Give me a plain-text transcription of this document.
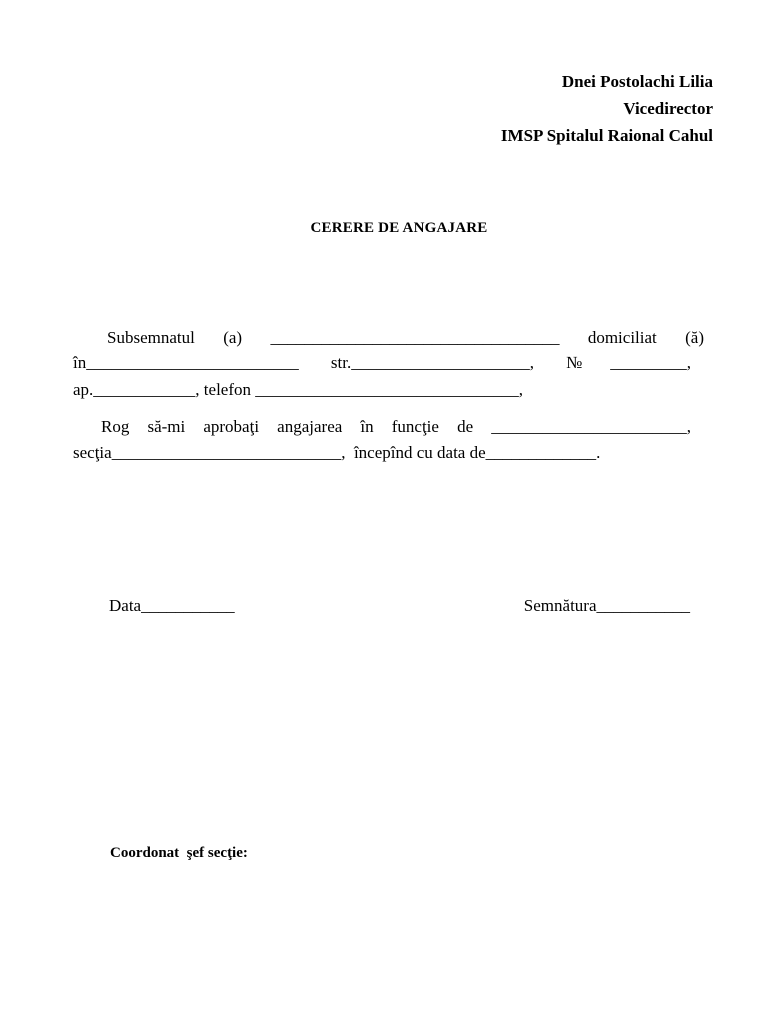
Dnei Postolachi Lilia

Vicedirector

IMSP Spitalul Raional Cahul

CERERE DE ANGAJARE

Subsemnatul (a) __________________________________ domiciliat (ă)

în_________________________ str._____________________, №_________,

ap.____________, telefon _______________________________,

Rog să-mi aprobaţi angajarea în funcţie de _______________________,

secţia___________________________,  începînd cu data de_____________.

Data___________	Semnătura___________

Coordonat  şef secţie:
